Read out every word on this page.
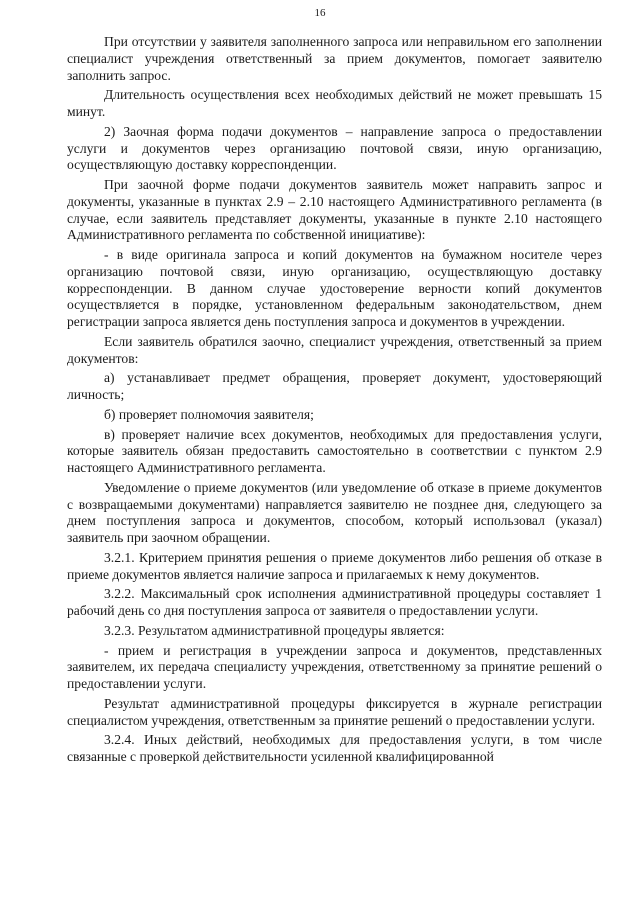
16

При отсутствии у заявителя заполненного запроса или неправильном его заполнении специалист учреждения ответственный за прием документов, помогает заявителю заполнить запрос.

Длительность осуществления всех необходимых действий не может превышать 15 минут.

2) Заочная форма подачи документов – направление запроса о предоставлении услуги и документов через организацию почтовой связи, иную организацию, осуществляющую доставку корреспонденции.

При заочной форме подачи документов заявитель может направить запрос и документы, указанные в пунктах 2.9 – 2.10 настоящего Административного регламента (в случае, если заявитель представляет документы, указанные в пункте 2.10 настоящего Административного регламента по собственной инициативе):

- в виде оригинала запроса и копий документов на бумажном носителе через организацию почтовой связи, иную организацию, осуществляющую доставку корреспонденции. В данном случае удостоверение верности копий документов осуществляется в порядке, установленном федеральным законодательством, днем регистрации запроса является день поступления запроса и документов в учреждении.

Если заявитель обратился заочно, специалист учреждения, ответственный за прием документов:

а) устанавливает предмет обращения, проверяет документ, удостоверяющий личность;

б) проверяет полномочия заявителя;

в) проверяет наличие всех документов, необходимых для предоставления услуги, которые заявитель обязан предоставить самостоятельно в соответствии с пунктом 2.9 настоящего Административного регламента.

Уведомление о приеме документов (или уведомление об отказе в приеме документов с возвращаемыми документами) направляется заявителю не позднее дня, следующего за днем поступления запроса и документов, способом, который использовал (указал) заявитель при заочном обращении.

3.2.1. Критерием принятия решения о приеме документов либо решения об отказе в приеме документов является наличие запроса и прилагаемых к нему документов.

3.2.2. Максимальный срок исполнения административной процедуры составляет 1 рабочий день со дня поступления запроса от заявителя о предоставлении услуги.

3.2.3. Результатом административной процедуры является:

- прием и регистрация в учреждении запроса и документов, представленных заявителем, их передача специалисту учреждения, ответственному за принятие решений о предоставлении услуги.

Результат административной процедуры фиксируется в журнале регистрации специалистом учреждения, ответственным за принятие решений о предоставлении услуги.

3.2.4. Иных действий, необходимых для предоставления услуги, в том числе связанные с проверкой действительности усиленной квалифицированной
